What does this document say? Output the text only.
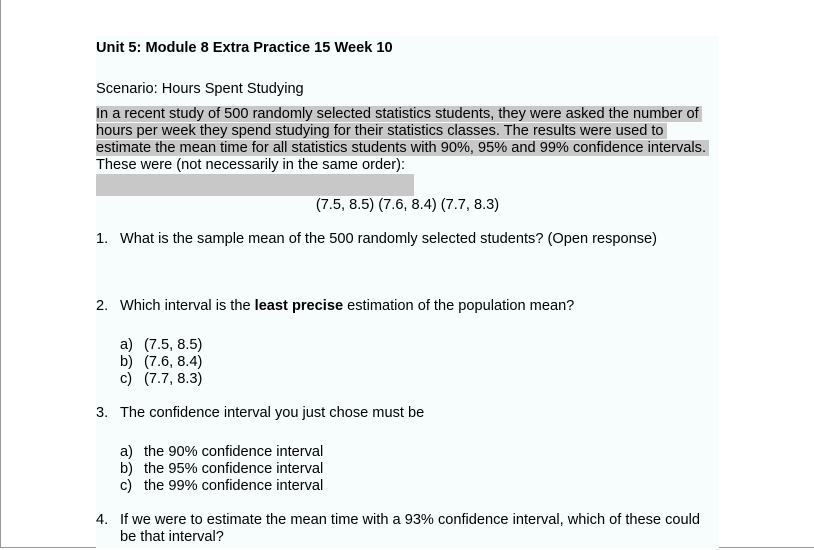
Unit 5: Module 8 Extra Practice 15 Week 10
Scenario: Hours Spent Studying
In a recent study of 500 randomly selected statistics students, they were asked the number of
hours per week they spend studying for their statistics classes. The results were used to
estimate the mean time for all statistics students with 90%, 95% and 99% confidence intervals.
These were (not necessarily in the same order):
(7.5, 8.5) (7.6, 8.4) (7.7, 8.3)
1. What is the sample mean of the 500 randomly selected students? (Open response)
2. Which interval is the least precise estimation of the population mean?
a) (7.5, 8.5)
b) (7.6, 8.4)
c) (7.7, 8.3)
3. The confidence interval you just chose must be
a) the 90% confidence interval
b) the 95% confidence interval
c) the 99% confidence interval
4. If we were to estimate the mean time with a 93% confidence interval, which of these could
be that interval?
